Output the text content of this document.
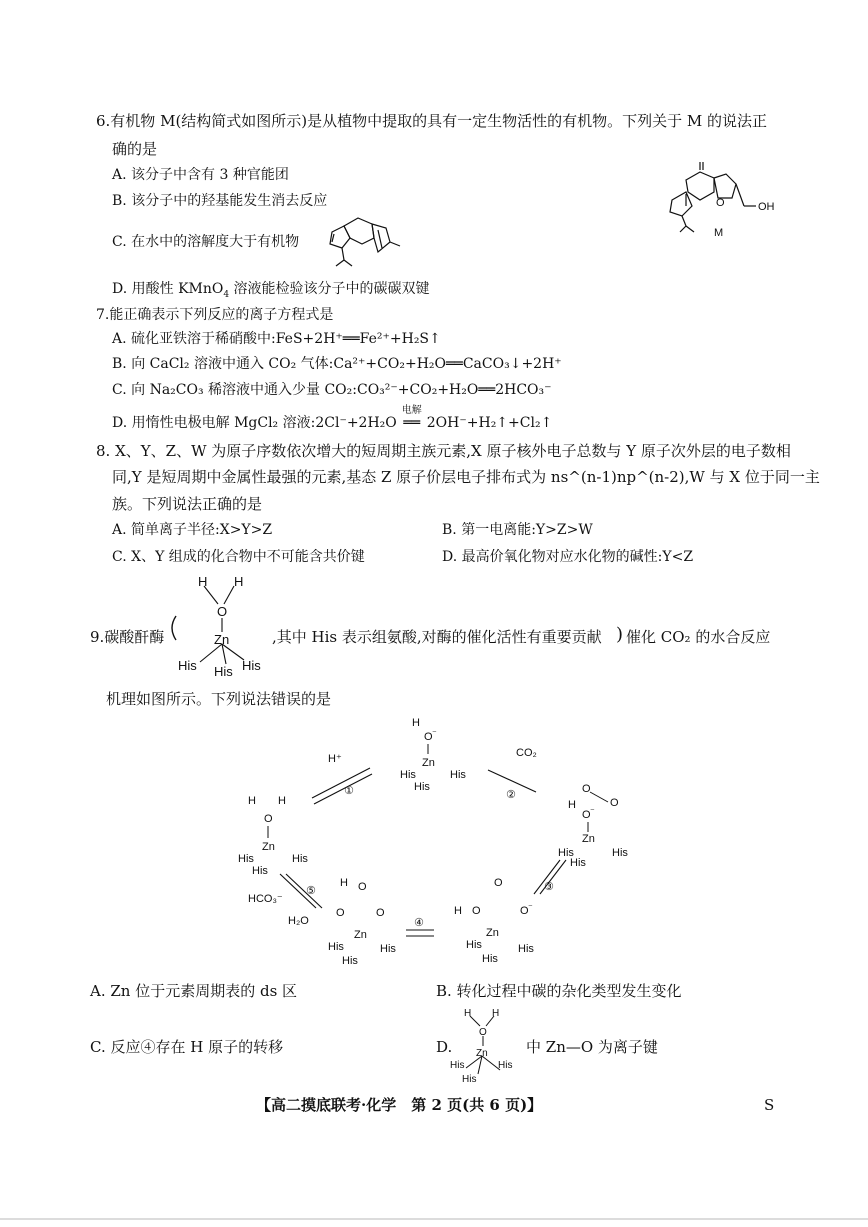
6.有机物 M(结构简式如图所示)是从植物中提取的具有一定生物活性的有机物。下列关于 M 的说法正
确的是
A. 该分子中含有 3 种官能团
B. 该分子中的羟基能发生消去反应
C. 在水中的溶解度大于有机物
D. 用酸性 KMnO$_4$ 溶液能检验该分子中的碳碳双键
O	OH
M
7.能正确表示下列反应的离子方程式是
A. 硫化亚铁溶于稀硝酸中:FeS+2H⁺══Fe²⁺+H₂S↑
B. 向 CaCl₂ 溶液中通入 CO₂ 气体:Ca²⁺+CO₂+H₂O══CaCO₃↓+2H⁺
C. 向 Na₂CO₃ 稀溶液中通入少量 CO₂:CO₃²⁻+CO₂+H₂O══2HCO₃⁻
D. 用惰性电极电解 MgCl₂ 溶液:2Cl⁻+2H₂O
电解
══ 2OH⁻+H₂↑+Cl₂↑
8. X、Y、Z、W 为原子序数依次增大的短周期主族元素,X 原子核外电子总数与 Y 原子次外层的电子数相
同,Y 是短周期中金属性最强的元素,基态 Z 原子价层电子排布式为 ns^(n-1)np^(n-2),W 与 X 位于同一主
族。下列说法正确的是
A. 简单离子半径:X>Y>Z	B. 第一电离能:Y>Z>W
C. X、Y 组成的化合物中不可能含共价键	D. 最高价氧化物对应水化物的碱性:Y<Z
9.碳酸酐酶
H H
O
Zn
His His His
,其中 His 表示组氨酸,对酶的催化活性有重要贡献 ) 催化 CO₂ 的水合反应
机理如图所示。下列说法错误的是
H
O ⁻
Zn
His	His
His
H H
O
Zn
His	His
His
O
O
H
O ⁻
Zn
His	His
His
O
H O	O ⁻
Zn
His	His
His
H O
O	O
Zn
His	His
His
H⁺
①
CO₂
②
③
④
⑤
HCO₃⁻
H₂O
A. Zn 位于元素周期表的 ds 区	B. 转化过程中碳的杂化类型发生变化
C. 反应④存在 H 原子的转移	D.
H H
O
Zn
His	His
His
中 Zn—O 为离子键
【高二摸底联考·化学　第 2 页(共 6 页)】	S
